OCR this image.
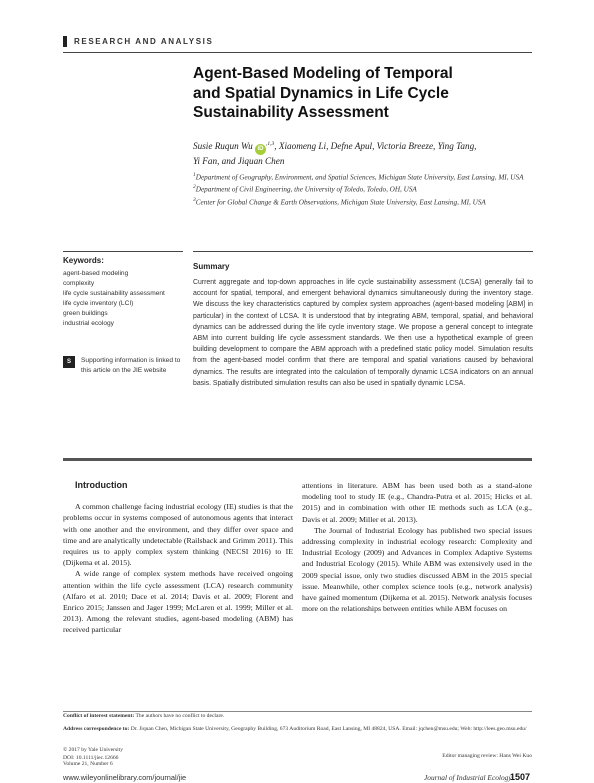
RESEARCH AND ANALYSIS
Agent-Based Modeling of Temporal
and Spatial Dynamics in Life Cycle
Sustainability Assessment
Susie Ruqun Wu $iD^{,1,3}$, Xiaomeng Li, Defne Apul, Victoria Breeze, Ying Tang,
Yi Fan, and Jiquan Chen
$^1$Department of Geography, Environment, and Spatial Sciences, Michigan State University, East Lansing, MI, USA
$^2$Department of Civil Engineering, the University of Toledo, Toledo, OH, USA
$^3$Center for Global Change & Earth Observations, Michigan State University, East Lansing, MI, USA
Keywords:
agent-based modeling
complexity
life cycle sustainability assessment
life cycle inventory (LCI)
green buildings
industrial ecology
S	Supporting information is linked to this article on the JIE website
Summary
Current aggregate and top-down approaches in life cycle sustainability assessment (LCSA) generally fail to account for spatial, temporal, and emergent behavioral dynamics simultaneously during the inventory stage. We discuss the key characteristics captured by complex system approaches (agent-based modeling [ABM] in particular) in the context of LCSA. It is understood that by integrating ABM, temporal, spatial, and behavioral dynamics can be addressed during the life cycle inventory stage. We propose a general concept to integrate ABM into current building life cycle assessment standards. We then use a hypothetical example of green building development to compare the ABM approach with a predefined static policy model. Simulation results from the agent-based model confirm that there are temporal and spatial variations caused by behavioral dynamics. The results are integrated into the calculation of temporally dynamic LCSA indicators on an annual basis. Spatially distributed simulation results can also be used in spatially dynamic LCSA.
Introduction

A common challenge facing industrial ecology (IE) studies is that the problems occur in systems composed of autonomous agents that interact with one another and the environment, and they differ over space and time and are analytically undetectable (Railsback and Grimm 2011). This requires us to apply complex system thinking (NECSI 2016) to IE (Dijkema et al. 2015).

A wide range of complex system methods have received ongoing attention within the life cycle assessment (LCA) research community (Alfaro et al. 2010; Dace et al. 2014; Davis et al. 2009; Florent and Enrico 2015; Janssen and Jager 1999; McLaren et al. 1999; Miller et al. 2013). Among the relevant studies, agent-based modeling (ABM) has received particular

attentions in literature. ABM has been used both as a stand-alone modeling tool to study IE (e.g., Chandra-Putra et al. 2015; Hicks et al. 2015) and in combination with other IE methods such as LCA (e.g., Davis et al. 2009; Miller et al. 2013).

The Journal of Industrial Ecology has published two special issues addressing complexity in industrial ecology research: Complexity and Industrial Ecology (2009) and Advances in Complex Adaptive Systems and Industrial Ecology (2015). While ABM was extensively used in the 2009 special issue, only two studies discussed ABM in the 2015 special issue. Meanwhile, other complex science tools (e.g., network analysis) have gained momentum (Dijkema et al. 2015). Network analysis focuses more on the relationships between entities while ABM focuses on

Conflict of interest statement: The authors have no conflict to declare.
Address correspondence to: Dr. Jiquan Chen, Michigan State University, Geography Building, 673 Auditorium Road, East Lansing, MI 48824, USA. Email: jqchen@msu.edu; Web: http://lees.geo.msu.edu/
© 2017 by Yale University
DOI: 10.1111/jiec.12666	Editor managing review: Hans Wei Kuo
Volume 21, Number 6
www.wileyonlinelibrary.com/journal/jie	Journal of Industrial Ecology
1507
